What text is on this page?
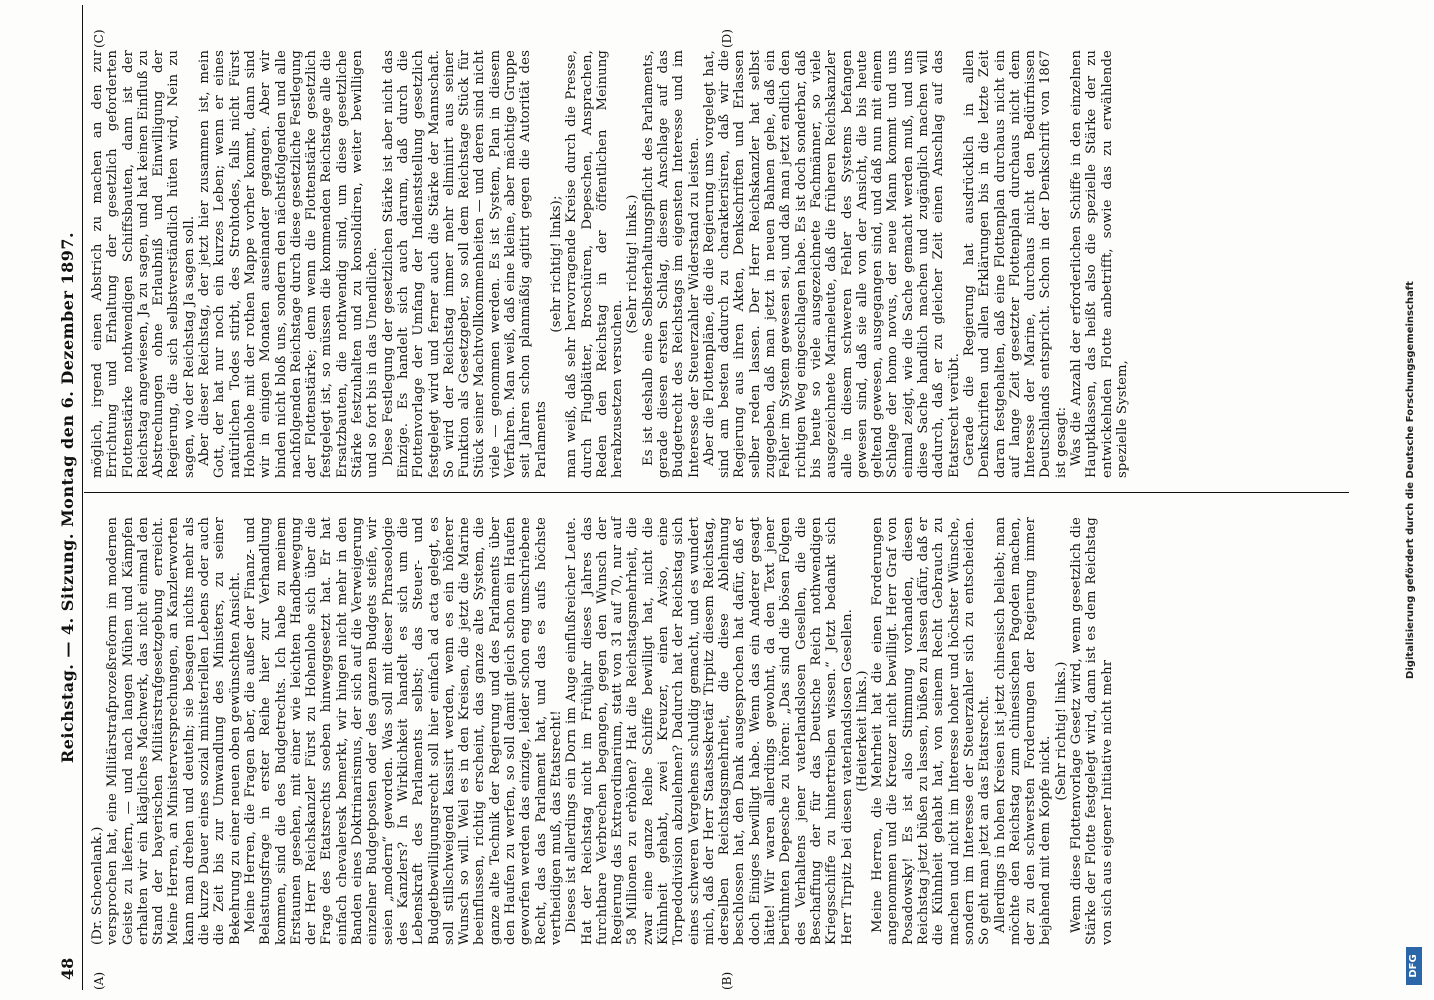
48
Reichstag. — 4. Sitzung. Montag den 6. Dezember 1897.
(A)	(B)
(C)	(D)

(Dr. Schoenlank.) versprochen hat, eine Militärstrafprozeßreform im modernen Geiste zu liefern, — und nach langen Mühen und Kämpfen erhalten wir ein klägliches Machwerk, das nicht einmal den Stand der bayerischen Militärstrafgesetzgebung erreicht. Meine Herren, an Ministerversprechungen, an Kanzlerworten kann man drehen und deuteln; sie besagen nichts mehr als die kurze Dauer eines sozial ministeriellen Lebens oder auch die Zeit bis zur Umwandlung des Ministers, zu seiner Bekehrung zu einer neuen oben gewünschten Ansicht. Meine Herren, die Fragen aber, die außer der Finanz- und Belastungsfrage in erster Reihe hier zur Verhandlung kommen, sind die des Budgetrechts. Ich habe zu meinem Erstaunen gesehen, mit einer wie leichten Handbewegung der Herr Reichskanzler Fürst zu Hohenlohe sich über die Frage des Etatsrechts soeben hinweggesetzt hat. Er hat einfach chevaleresk bemerkt, wir hingen nicht mehr in den Banden eines Doktrinarismus, der sich auf die Verweigerung einzelner Budgetposten oder des ganzen Budgets steife, wir seien „modern“ geworden. Was soll mit dieser Phraseologie des Kanzlers? In Wirklichkeit handelt es sich um die Lebenskraft des Parlaments selbst; das Steuer- und Budgetbewilligungsrecht soll hier einfach ad acta gelegt, es soll stillschweigend kassirt werden, wenn es ein höherer Wunsch so will. Weil es in den Kreisen, die jetzt die Marine beeinflussen, richtig erscheint, das ganze alte System, die ganze alte Technik der Regierung und des Parlaments über den Haufen zu werfen, so soll damit gleich schon ein Haufen geworfen werden das einzige, leider schon eng umschriebene Recht, das das Parlament hat, und das es aufs höchste vertheidigen muß, das Etatsrecht! Dieses ist allerdings ein Dorn im Auge einflußreicher Leute. Hat der Reichstag nicht im Frühjahr dieses Jahres das furchtbare Verbrechen begangen, gegen den Wunsch der Regierung das Extraordinarium, statt von 31 auf 70, nur auf 58 Millionen zu erhöhen? Hat die Reichstagsmehrheit, die zwar eine ganze Reihe Schiffe bewilligt hat, nicht die Kühnheit gehabt, zwei Kreuzer, einen Aviso, eine Torpedodivision abzulehnen? Dadurch hat der Reichstag sich eines schweren Vergehens schuldig gemacht, und es wundert mich, daß der Herr Staatssekretär Tirpitz diesem Reichstag, derselben Reichstagsmehrheit, die diese Ablehnung beschlossen hat, den Dank ausgesprochen hat dafür, daß er doch Einiges bewilligt habe. Wenn das ein Anderer gesagt hätte! Wir waren allerdings gewohnt, da den Text jener berühmten Depesche zu hören: „Das sind die bösen Folgen des Verhaltens jener vaterlandslosen Gesellen, die die Beschaffung der für das Deutsche Reich nothwendigen Kriegsschiffe zu hintertreiben wissen.“ Jetzt bedankt sich Herr Tirpitz bei diesen vaterlandslosen Gesellen. (Heiterkeit links.) Meine Herren, die Mehrheit hat die einen Forderungen angenommen und die Kreuzer nicht bewilligt. Herr Graf von Posadowsky! Es ist also Stimmung vorhanden, diesen Reichstag jetzt büßen zu lassen, büßen zu lassen dafür, daß er die Kühnheit gehabt hat, von seinem Recht Gebrauch zu machen und nicht im Interesse hoher und höchster Wünsche, sondern im Interesse der Steuerzahler sich zu entscheiden. So geht man jetzt an das Etatsrecht. Allerdings in hohen Kreisen ist jetzt chinesisch beliebt; man möchte den Reichstag zum chinesischen Pagoden machen, der zu den schwersten Forderungen der Regierung immer bejahend mit dem Kopfe nickt.

(Sehr richtig! links.) Wenn diese Flottenvorlage Gesetz wird, wenn gesetzlich die Stärke der Flotte festgelegt wird, dann ist es dem Reichstag von sich aus eigener Initiative nicht mehr

möglich, irgend einen Abstrich zu machen an den zur Errichtung und Erhaltung der gesetzlich geforderten Flottenstärke nothwendigen Schiffsbauten, dann ist der Reichstag angewiesen, Ja zu sagen, und hat keinen Einfluß zu Abstrechungen ohne Erlaubniß und Einwilligung der Regierung, die sich selbstverständlich hüten wird, Nein zu sagen, wo der Reichstag Ja sagen soll. Aber dieser Reichstag, der jetzt hier zusammen ist, mein Gott, der hat nur noch ein kurzes Leben; wenn er eines natürlichen Todes stirbt, des Strohtodes, falls nicht Fürst Hohenlohe mit der rothen Mappe vorher kommt, dann sind wir in einigen Monaten auseinander gegangen. Aber wir binden nicht bloß uns, sondern den nächstfolgenden und alle nachfolgenden Reichstage durch diese gesetzliche Festlegung der Flottenstärke; denn wenn die Flottenstärke gesetzlich festgelegt ist, so müssen die kommenden Reichstage alle die Ersatzbauten, die nothwendig sind, um diese gesetzliche Stärke festzuhalten und zu konsolidiren, weiter bewilligen und so fort bis in das Unendliche. Diese Festlegung der gesetzlichen Stärke ist aber nicht das Einzige. Es handelt sich auch darum, daß durch die Flottenvorlage der Umfang der Indienststellung gesetzlich festgelegt wird und ferner auch die Stärke der Mannschaft. So wird der Reichstag immer mehr eliminirt aus seiner Funktion als Gesetzgeber, so soll dem Reichstage Stück für Stück seiner Machtvollkommenheiten — und deren sind nicht viele — genommen werden. Es ist System, Plan in diesem Verfahren. Man weiß, daß eine kleine, aber mächtige Gruppe seit Jahren schon planmäßig agitirt gegen die Autorität des Parlaments

(sehr richtig! links); man weiß, daß sehr hervorragende Kreise durch die Presse, durch Flugblätter, Broschüren, Depeschen, Ansprachen, Reden den Reichstag in der öffentlichen Meinung herabzusetzen versuchen.

(Sehr richtig! links.) Es ist deshalb eine Selbsterhaltungspflicht des Parlaments, gerade diesen ersten Schlag, diesem Anschlage auf das Budgetrecht des Reichstags im eigensten Interesse und im Interesse der Steuerzahler Widerstand zu leisten. Aber die Flottenpläne, die die Regierung uns vorgelegt hat, sind am besten dadurch zu charakterisiren, daß wir die Regierung aus ihren Akten, Denkschriften und Erlassen selber reden lassen. Der Herr Reichskanzler hat selbst zugegeben, daß man jetzt in neuen Bahnen gehe, daß ein Fehler im System gewesen sei, und daß man jetzt endlich den richtigen Weg eingeschlagen habe. Es ist doch sonderbar, daß bis heute so viele ausgezeichnete Fachmänner, so viele ausgezeichnete Marineleute, daß die früheren Reichskanzler alle in diesem schweren Fehler des Systems befangen gewesen sind, daß sie alle von der Ansicht, die bis heute geltend gewesen, ausgegangen sind, und daß nun mit einem Schlage der homo novus, der neue Mann kommt und uns einmal zeigt, wie die Sache gemacht werden muß, und uns diese Sache handlich machen und zugänglich machen will dadurch, daß er zu gleicher Zeit einen Anschlag auf das Etatsrecht verübt. Gerade die Regierung hat ausdrücklich in allen Denkschriften und allen Erklärungen bis in die letzte Zeit daran festgehalten, daß eine Flottenplan durchaus nicht ein auf lange Zeit gesetzter Flottenplan durchaus nicht dem Interesse der Marine, durchaus nicht den Bedürfnissen Deutschlands entspricht. Schon in der Denkschrift von 1867 ist gesagt: Was die Anzahl der erforderlichen Schiffe in den einzelnen Hauptklassen, das heißt also die spezielle Stärke der zu entwickelnden Flotte anbetrifft, sowie das zu erwählende spezielle System,

DFG
Digitalisierung gefördert durch die Deutsche Forschungsgemeinschaft
